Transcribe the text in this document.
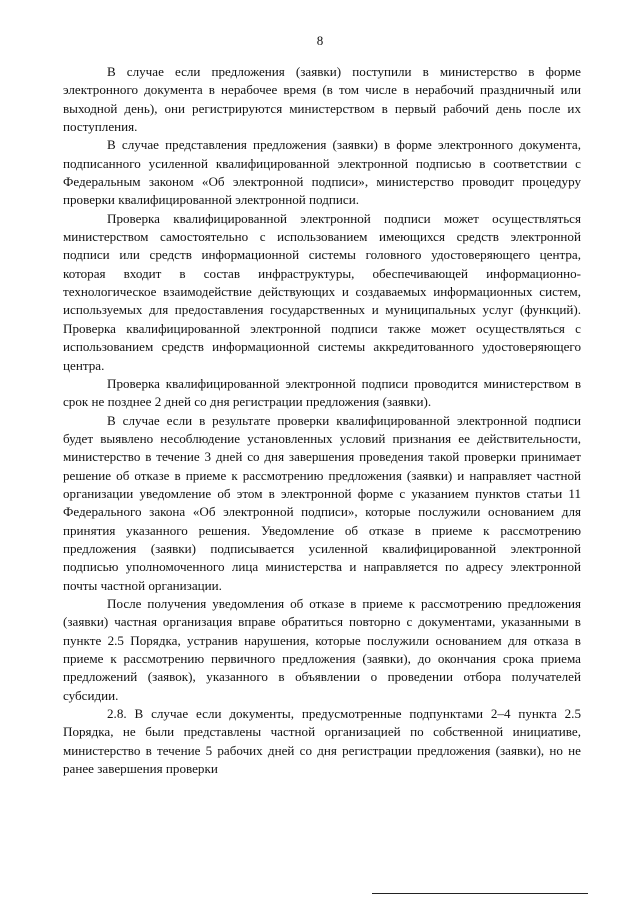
8

В случае если предложения (заявки) поступили в министерство в форме электронного документа в нерабочее время (в том числе в нерабочий праздничный или выходной день), они регистрируются министерством в первый рабочий день после их поступления.

В случае представления предложения (заявки) в форме электронного документа, подписанного усиленной квалифицированной электронной подписью в соответствии с Федеральным законом «Об электронной подписи», министерство проводит процедуру проверки квалифицированной электронной подписи.

Проверка квалифицированной электронной подписи может осуществляться министерством самостоятельно с использованием имеющихся средств электронной подписи или средств информационной системы головного удостоверяющего центра, которая входит в состав инфраструктуры, обеспечивающей информационно-технологическое взаимодействие действующих и создаваемых информационных систем, используемых для предоставления государственных и муниципальных услуг (функций). Проверка квалифицированной электронной подписи также может осуществляться с использованием средств информационной системы аккредитованного удостоверяющего центра.

Проверка квалифицированной электронной подписи проводится министерством в срок не позднее 2 дней со дня регистрации предложения (заявки).

В случае если в результате проверки квалифицированной электронной подписи будет выявлено несоблюдение установленных условий признания ее действительности, министерство в течение 3 дней со дня завершения проведения такой проверки принимает решение об отказе в приеме к рассмотрению предложения (заявки) и направляет частной организации уведомление об этом в электронной форме с указанием пунктов статьи 11 Федерального закона «Об электронной подписи», которые послужили основанием для принятия указанного решения. Уведомление об отказе в приеме к рассмотрению предложения (заявки) подписывается усиленной квалифицированной электронной подписью уполномоченного лица министерства и направляется по адресу электронной почты частной организации.

После получения уведомления об отказе в приеме к рассмотрению предложения (заявки) частная организация вправе обратиться повторно с документами, указанными в пункте 2.5 Порядка, устранив нарушения, которые послужили основанием для отказа в приеме к рассмотрению первичного предложения (заявки), до окончания срока приема предложений (заявок), указанного в объявлении о проведении отбора получателей субсидии.

2.8. В случае если документы, предусмотренные подпунктами 2–4 пункта 2.5 Порядка, не были представлены частной организацией по собственной инициативе, министерство в течение 5 рабочих дней со дня регистрации предложения (заявки), но не ранее завершения проверки
